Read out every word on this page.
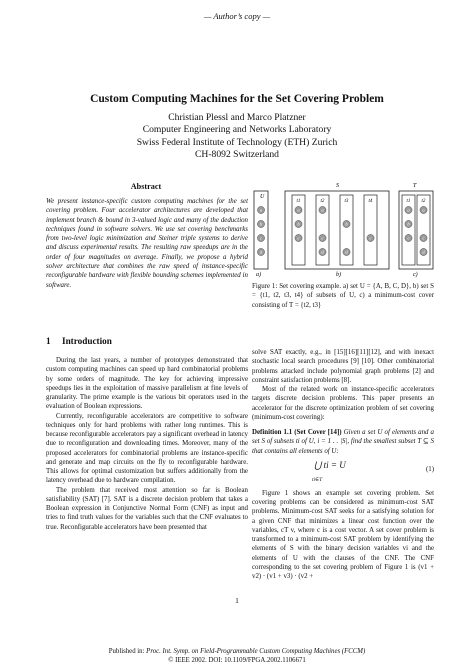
— Author’s copy —
Custom Computing Machines for the Set Covering Problem
Christian Plessl and Marco Platzner
Computer Engineering and Networks Laboratory
Swiss Federal Institute of Technology (ETH) Zurich
CH-8092 Switzerland
Abstract
We present instance-specific custom computing machines for the set covering problem. Four accelerator architectures are developed that implement branch & bound in 3-valued logic and many of the deduction techniques found in software solvers. We use set covering benchmarks from two-level logic minimization and Steiner triple systems to derive and discuss experimental results. The resulting raw speedups are in the order of four magnitudes on average. Finally, we propose a hybrid solver architecture that combines the raw speed of instance-specific reconfigurable hardware with flexible bounding schemes implemented in software.
U
a
b
c
d
a)
S
t1
a
b
c
t2
a
c
d
t3
b
d
t4
c
b)
T
t1
a
b
c
t2
a
c
d
c)
Figure 1: Set covering example. a) set U = {A, B, C, D}, b) set S = {t1, t2, t3, t4} of subsets of U, c) a minimum-cost cover consisting of T = {t2, t3}
1 Introduction

During the last years, a number of prototypes demonstrated that custom computing machines can speed up hard combinatorial problems by some orders of magnitude. The key for achieving impressive speedups lies in the exploitation of massive parallelism at fine levels of granularity. The prime example is the various bit operators used in the evaluation of Boolean expressions.

Currently, reconfigurable accelerators are competitive to software techniques only for hard problems with rather long runtimes. This is because reconfigurable accelerators pay a significant overhead in latency due to reconfiguration and downloading times. Moreover, many of the proposed accelerators for combinatorial problems are instance-specific and generate and map circuits on the fly to reconfigurable hardware. This allows for optimal customization but suffers additionally from the latency overhead due to hardware compilation.

The problem that received most attention so far is Boolean satisfiability (SAT) [7]. SAT is a discrete decision problem that takes a Boolean expression in Conjunctive Normal Form (CNF) as input and tries to find truth values for the variables such that the CNF evaluates to true. Reconfigurable accelerators have been presented that

solve SAT exactly, e.g., in [15][16][11][12], and with inexact stochastic local search procedures [9] [10]. Other combinatorial problems attacked include polynomial graph problems [2] and constraint satisfaction problems [8].

Most of the related work on instance-specific accelerators targets discrete decision problems. This paper presents an accelerator for the discrete optimization problem of set covering (minimum-cost covering):

Definition 1.1 (Set Cover [14]) Given a set U of elements and a set S of subsets ti of U, i = 1 . . |S|, find the smallest subset T ⊆ S that contains all elements of U:

⋃ ti = U
ti∈T
(1)

Figure 1 shows an example set covering problem. Set covering problems can be considered as minimum-cost SAT problems. Minimum-cost SAT seeks for a satisfying solution for a given CNF that minimizes a linear cost function over the variables, cT v, where c is a cost vector. A set cover problem is transformed to a minimum-cost SAT problem by identifying the elements of S with the binary decision variables vi and the elements of U with the clauses of the CNF. The CNF corresponding to the set covering problem of Figure 1 is (v1 + v2) · (v1 + v3) · (v2 +

1
Published in: Proc. Int. Symp. on Field-Programmable Custom Computing Machines (FCCM)
© IEEE 2002. DOI: 10.1109/FPGA.2002.1106671
